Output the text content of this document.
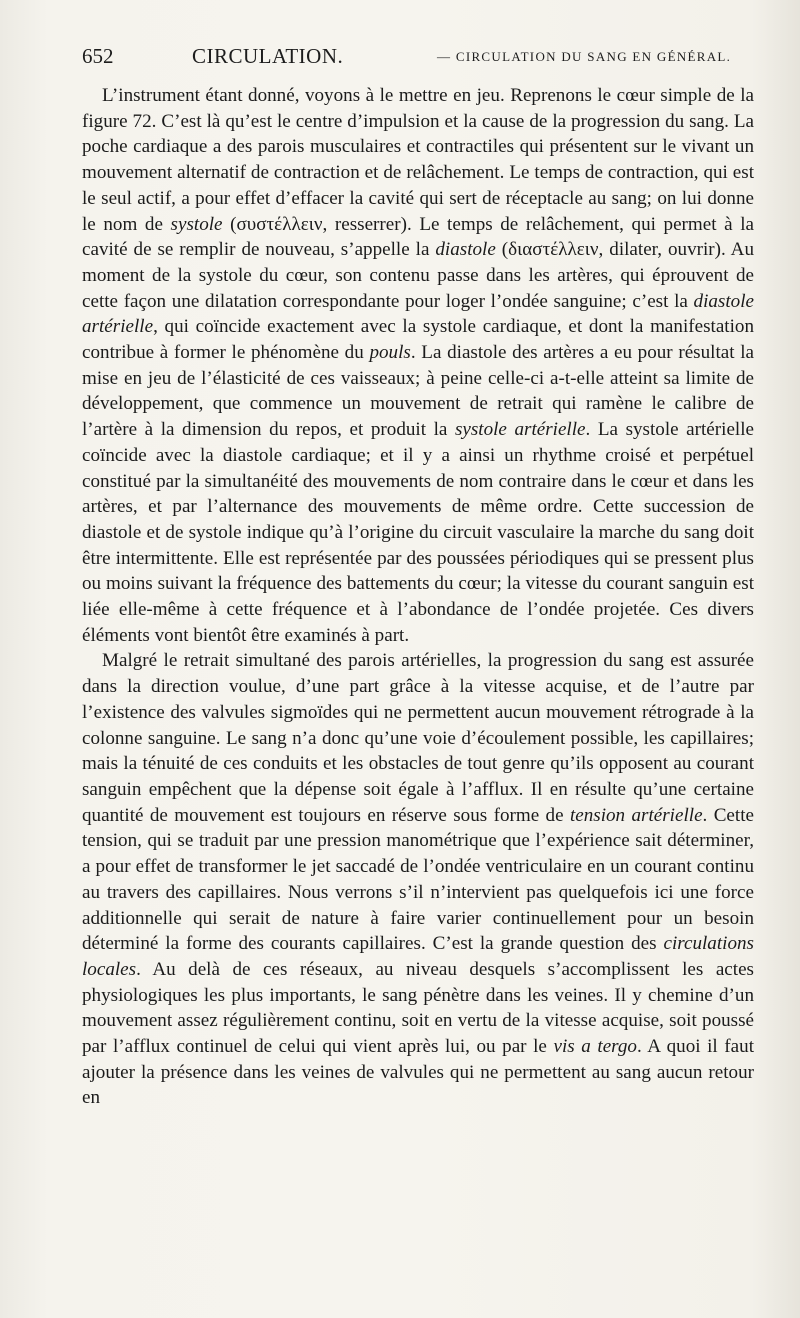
652	CIRCULATION.	— CIRCULATION DU SANG EN GÉNÉRAL.

L’instrument étant donné, voyons à le mettre en jeu. Reprenons le cœur simple de la figure 72. C’est là qu’est le centre d’impulsion et la cause de la progression du sang. La poche cardiaque a des parois musculaires et contractiles qui présentent sur le vivant un mouvement alternatif de contraction et de relâchement. Le temps de contraction, qui est le seul actif, a pour effet d’effacer la cavité qui sert de réceptacle au sang; on lui donne le nom de systole (συστέλλειν, resserrer). Le temps de relâchement, qui permet à la cavité de se remplir de nouveau, s’appelle la diastole (διαστέλλειν, dilater, ouvrir). Au moment de la systole du cœur, son contenu passe dans les artères, qui éprouvent de cette façon une dilatation correspondante pour loger l’ondée sanguine; c’est la diastole artérielle, qui coïncide exactement avec la systole cardiaque, et dont la manifestation contribue à former le phénomène du pouls. La diastole des artères a eu pour résultat la mise en jeu de l’élasticité de ces vaisseaux; à peine celle-ci a-t-elle atteint sa limite de développement, que commence un mouvement de retrait qui ramène le calibre de l’artère à la dimension du repos, et produit la systole artérielle. La systole artérielle coïncide avec la diastole cardiaque; et il y a ainsi un rhythme croisé et perpétuel constitué par la simultanéité des mouvements de nom contraire dans le cœur et dans les artères, et par l’alternance des mouvements de même ordre. Cette succession de diastole et de systole indique qu’à l’origine du circuit vasculaire la marche du sang doit être intermittente. Elle est représentée par des poussées périodiques qui se pressent plus ou moins suivant la fréquence des battements du cœur; la vitesse du courant sanguin est liée elle-même à cette fréquence et à l’abondance de l’ondée projetée. Ces divers éléments vont bientôt être examinés à part.

Malgré le retrait simultané des parois artérielles, la progression du sang est assurée dans la direction voulue, d’une part grâce à la vitesse acquise, et de l’autre par l’existence des valvules sigmoïdes qui ne permettent aucun mouvement rétrograde à la colonne sanguine. Le sang n’a donc qu’une voie d’écoulement possible, les capillaires; mais la ténuité de ces conduits et les obstacles de tout genre qu’ils opposent au courant sanguin empêchent que la dépense soit égale à l’afflux. Il en résulte qu’une certaine quantité de mouvement est toujours en réserve sous forme de tension artérielle. Cette tension, qui se traduit par une pression manométrique que l’expérience sait déterminer, a pour effet de transformer le jet saccadé de l’ondée ventriculaire en un courant continu au travers des capillaires. Nous verrons s’il n’intervient pas quelquefois ici une force additionnelle qui serait de nature à faire varier continuellement pour un besoin déterminé la forme des courants capillaires. C’est la grande question des circulations locales. Au delà de ces réseaux, au niveau desquels s’accomplissent les actes physiologiques les plus importants, le sang pénètre dans les veines. Il y chemine d’un mouvement assez régulièrement continu, soit en vertu de la vitesse acquise, soit poussé par l’afflux continuel de celui qui vient après lui, ou par le vis a tergo. A quoi il faut ajouter la présence dans les veines de valvules qui ne permettent au sang aucun retour en
